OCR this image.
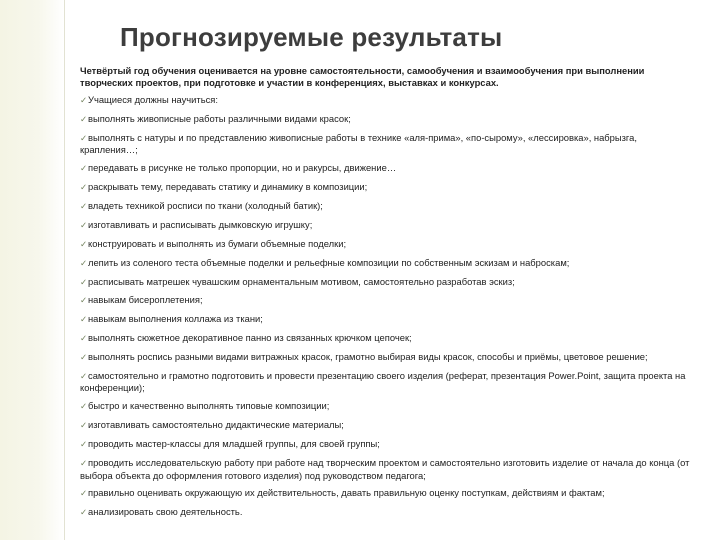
Прогнозируемые результаты
Четвёртый год обучения оценивается на уровне самостоятельности, самообучения и взаимообучения при выполнении творческих проектов, при подготовке и участии в конференциях, выставках и конкурсах.
✓Учащиеся должны научиться:
✓выполнять живописные работы различными видами красок;
✓выполнять с натуры и по представлению живописные работы в технике «аля-прима», «по-сырому», «лессировка», набрызга, крапления…;
✓передавать в рисунке не только пропорции, но и ракурсы, движение…
✓раскрывать тему, передавать статику и динамику в композиции;
✓владеть техникой росписи по ткани (холодный батик);
✓изготавливать и расписывать дымковскую игрушку;
✓конструировать и выполнять из бумаги объемные поделки;
✓лепить из соленого теста объемные поделки и рельефные композиции по собственным эскизам и наброскам;
✓расписывать матрешек чувашским орнаментальным мотивом, самостоятельно разработав эскиз;
✓навыкам бисероплетения;
✓навыкам выполнения коллажа из ткани;
✓выполнять сюжетное декоративное панно из связанных крючком цепочек;
✓выполнять роспись разными видами витражных красок, грамотно выбирая виды красок, способы и приёмы, цветовое решение;
✓самостоятельно и грамотно подготовить и провести презентацию своего изделия (реферат, презентация Power.Point, защита проекта на конференции);
✓быстро и качественно выполнять типовые композиции;
✓изготавливать самостоятельно дидактические материалы;
✓проводить мастер-классы для младшей группы, для своей группы;
✓проводить исследовательскую работу при работе над творческим проектом и самостоятельно изготовить изделие от начала до конца (от выбора объекта до оформления готового изделия) под руководством педагога;
✓правильно оценивать окружающую их действительность, давать правильную оценку поступкам, действиям и фактам;
✓анализировать свою деятельность.
